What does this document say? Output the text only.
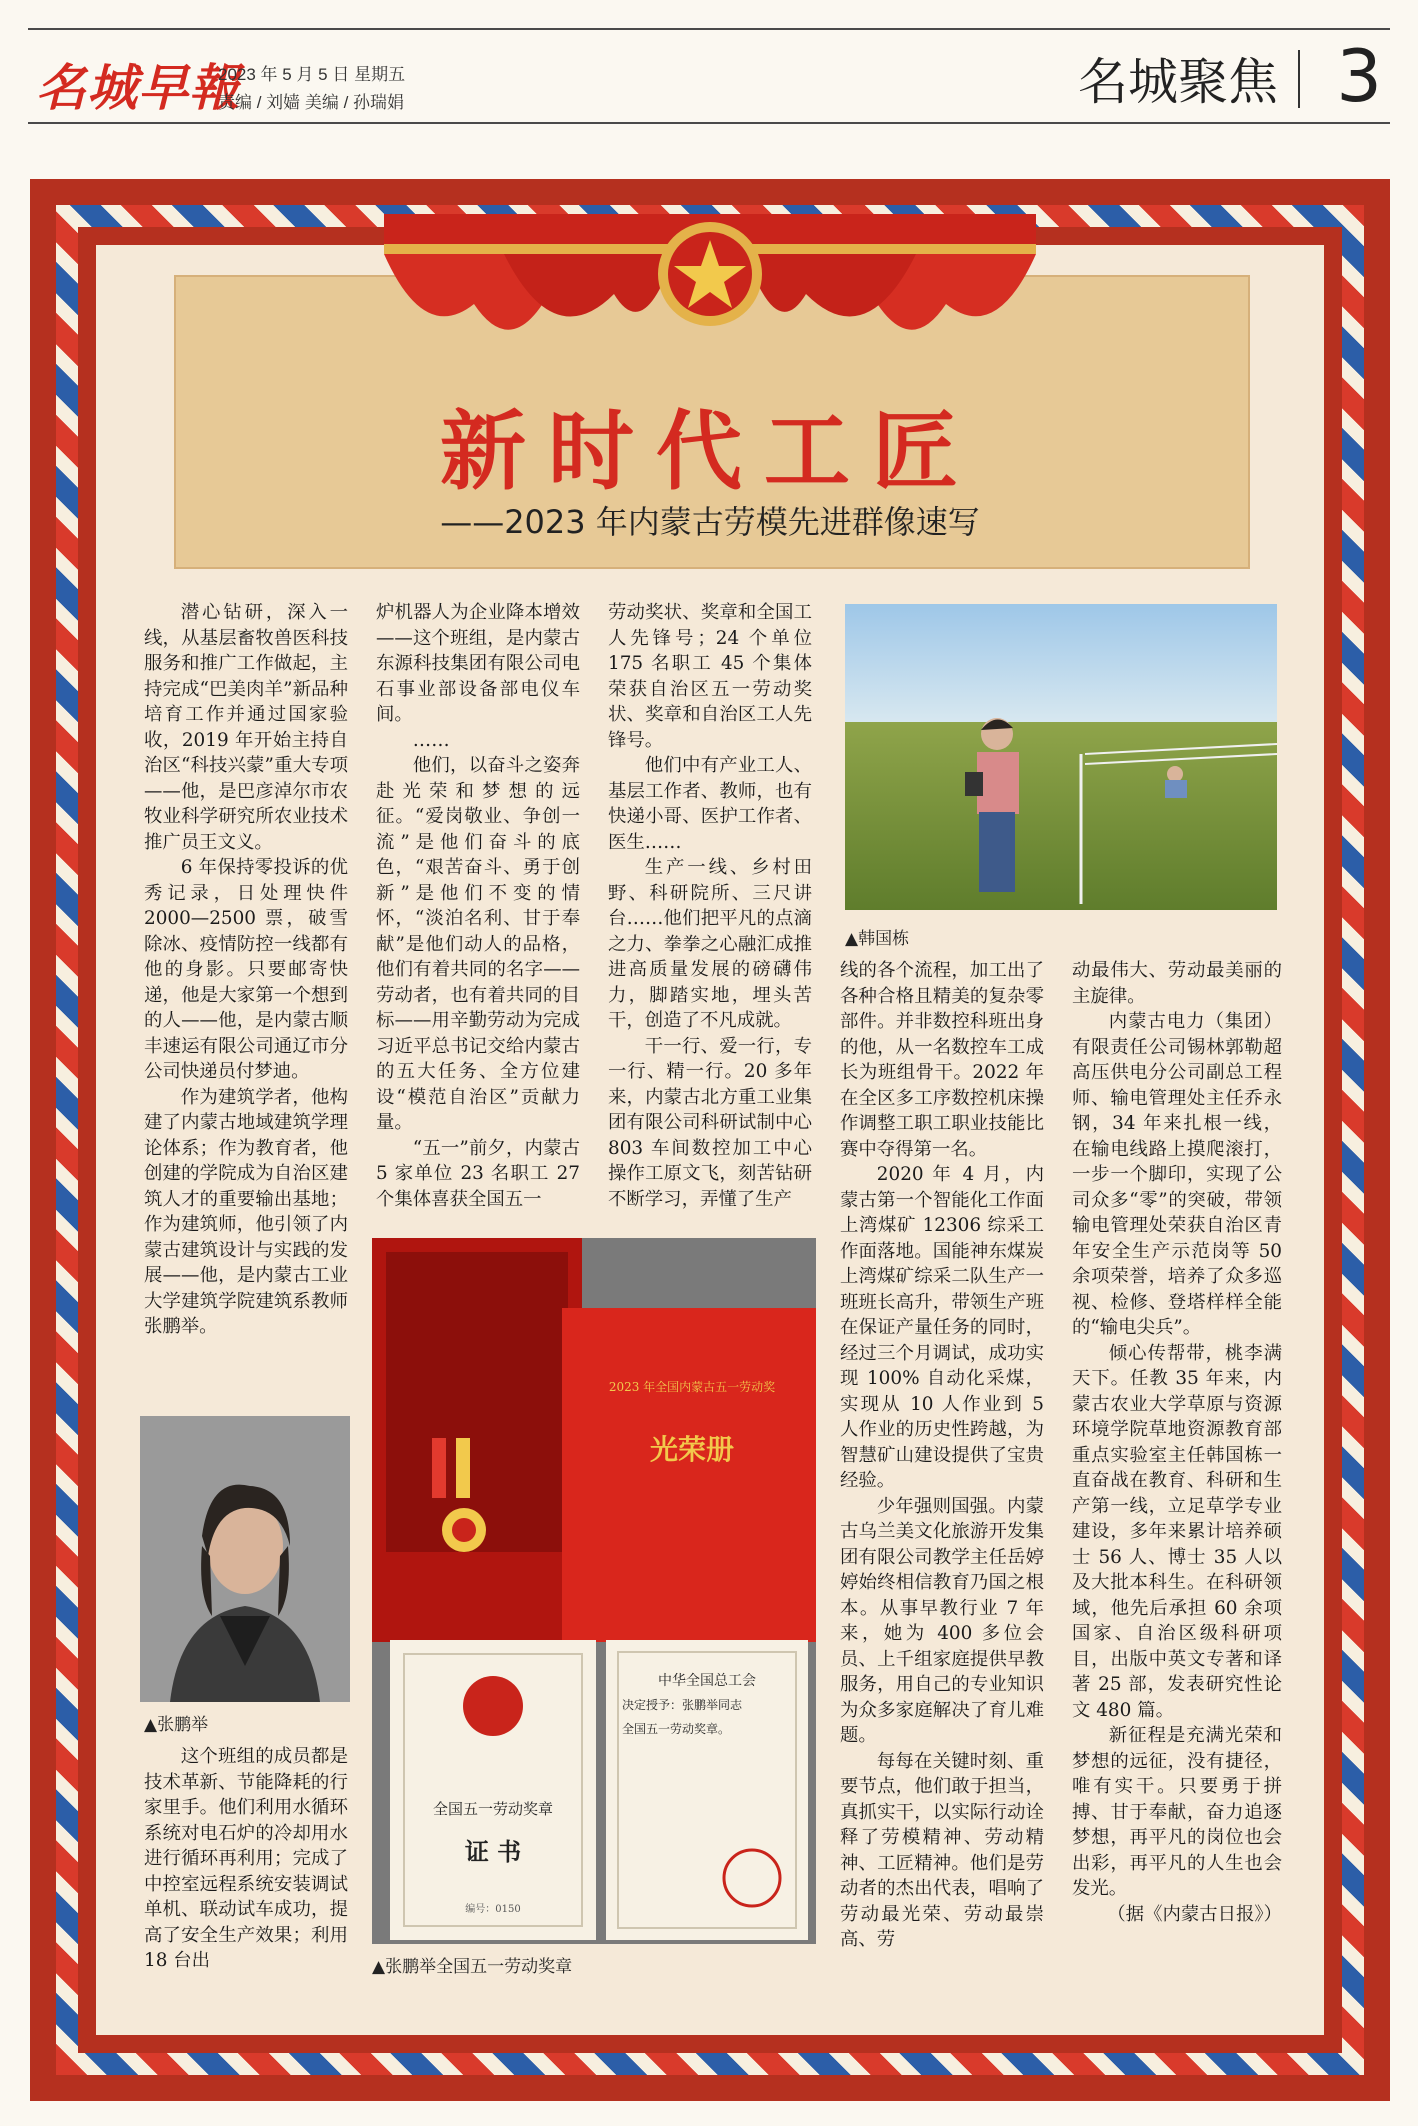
名城早報
2023 年 5 月 5 日 星期五
责编 / 刘嫱 美编 / 孙瑞娟	名城聚焦 3
新时代工匠
——2023 年内蒙古劳模先进群像速写

潜心钻研，深入一线，从基层畜牧兽医科技服务和推广工作做起，主持完成“巴美肉羊”新品种培育工作并通过国家验收，2019 年开始主持自治区“科技兴蒙”重大专项——他，是巴彦淖尔市农牧业科学研究所农业技术推广员王文义。

6 年保持零投诉的优秀记录，日处理快件 2000—2500 票，破雪除冰、疫情防控一线都有他的身影。只要邮寄快递，他是大家第一个想到的人——他，是内蒙古顺丰速运有限公司通辽市分公司快递员付梦迪。

作为建筑学者，他构建了内蒙古地域建筑学理论体系；作为教育者，他创建的学院成为自治区建筑人才的重要输出基地；作为建筑师，他引领了内蒙古建筑设计与实践的发展——他，是内蒙古工业大学建筑学院建筑系教师张鹏举。

▲张鹏举

这个班组的成员都是技术革新、节能降耗的行家里手。他们利用水循环系统对电石炉的冷却用水进行循环再利用；完成了中控室远程系统安装调试单机、联动试车成功，提高了安全生产效果；利用 18 台出

炉机器人为企业降本增效——这个班组，是内蒙古东源科技集团有限公司电石事业部设备部电仪车间。

……

他们，以奋斗之姿奔赴光荣和梦想的远征。“爱岗敬业、争创一流”是他们奋斗的底色，“艰苦奋斗、勇于创新”是他们不变的情怀，“淡泊名利、甘于奉献”是他们动人的品格，他们有着共同的名字——劳动者，也有着共同的目标——用辛勤劳动为完成习近平总书记交给内蒙古的五大任务、全方位建设“模范自治区”贡献力量。

“五一”前夕，内蒙古 5 家单位 23 名职工 27 个集体喜获全国五一

劳动奖状、奖章和全国工人先锋号；24 个单位 175 名职工 45 个集体荣获自治区五一劳动奖状、奖章和自治区工人先锋号。

他们中有产业工人、基层工作者、教师，也有快递小哥、医护工作者、医生……

生产一线、乡村田野、科研院所、三尺讲台……他们把平凡的点滴之力、拳拳之心融汇成推进高质量发展的磅礴伟力，脚踏实地，埋头苦干，创造了不凡成就。

干一行、爱一行，专一行、精一行。20 多年来，内蒙古北方重工业集团有限公司科研试制中心 803 车间数控加工中心操作工原文飞，刻苦钻研不断学习，弄懂了生产

▲韩国栋

线的各个流程，加工出了各种合格且精美的复杂零部件。并非数控科班出身的他，从一名数控车工成长为班组骨干。2022 年在全区多工序数控机床操作调整工职工职业技能比赛中夺得第一名。

2020 年 4 月，内蒙古第一个智能化工作面上湾煤矿 12306 综采工作面落地。国能神东煤炭上湾煤矿综采二队生产一班班长高升，带领生产班在保证产量任务的同时，经过三个月调试，成功实现 100% 自动化采煤，实现从 10 人作业到 5 人作业的历史性跨越，为智慧矿山建设提供了宝贵经验。

少年强则国强。内蒙古乌兰美文化旅游开发集团有限公司教学主任岳婷婷始终相信教育乃国之根本。从事早教行业 7 年来，她为 400 多位会员、上千组家庭提供早教服务，用自己的专业知识为众多家庭解决了育儿难题。

每每在关键时刻、重要节点，他们敢于担当，真抓实干，以实际行动诠释了劳模精神、劳动精神、工匠精神。他们是劳动者的杰出代表，唱响了劳动最光荣、劳动最崇高、劳

动最伟大、劳动最美丽的主旋律。

内蒙古电力（集团）有限责任公司锡林郭勒超高压供电分公司副总工程师、输电管理处主任乔永钢，34 年来扎根一线，在输电线路上摸爬滚打，一步一个脚印，实现了公司众多“零”的突破，带领输电管理处荣获自治区青年安全生产示范岗等 50 余项荣誉，培养了众多巡视、检修、登塔样样全能的“输电尖兵”。

倾心传帮带，桃李满天下。任教 35 年来，内蒙古农业大学草原与资源环境学院草地资源教育部重点实验室主任韩国栋一直奋战在教育、科研和生产第一线，立足草学专业建设，多年来累计培养硕士 56 人、博士 35 人以及大批本科生。在科研领域，他先后承担 60 余项国家、自治区级科研项目，出版中英文专著和译著 25 部，发表研究性论文 480 篇。

新征程是充满光荣和梦想的远征，没有捷径，唯有实干。只要勇于拼搏、甘于奉献，奋力追逐梦想，再平凡的岗位也会出彩，再平凡的人生也会发光。

（据《内蒙古日报》）

光荣册
2023 年全国内蒙古五一劳动奖
全国五一劳动奖章
证 书
编号：0150
中华全国总工会
决定授予：张鹏举同志
全国五一劳动奖章。
▲张鹏举全国五一劳动奖章
